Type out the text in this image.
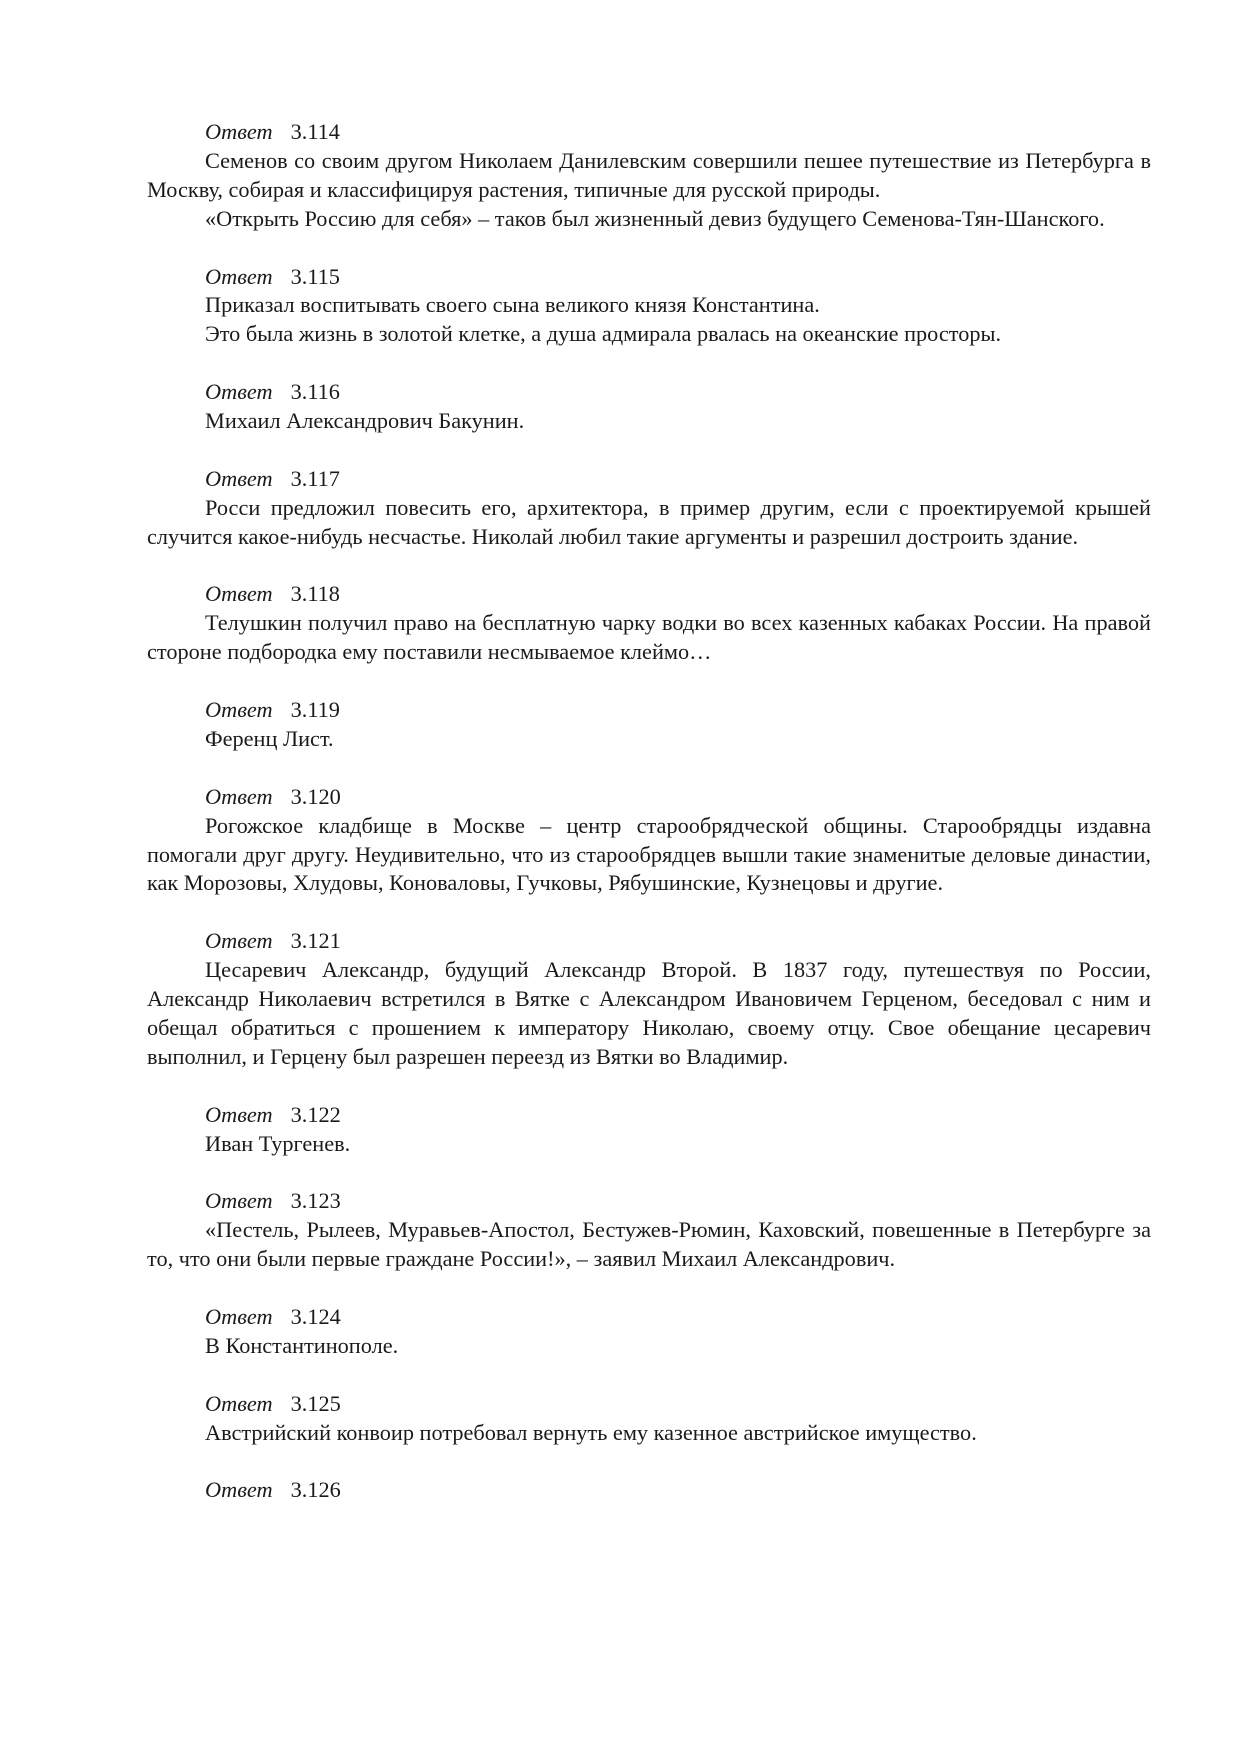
Ответ 3.114

Семенов со своим другом Николаем Данилевским совершили пешее путешествие из Петербурга в Москву, собирая и классифицируя растения, типичные для русской природы.

«Открыть Россию для себя» – таков был жизненный девиз будущего Семенова-Тян-Шанского.

Ответ 3.115

Приказал воспитывать своего сына великого князя Константина.

Это была жизнь в золотой клетке, а душа адмирала рвалась на океанские просторы.

Ответ 3.116

Михаил Александрович Бакунин.

Ответ 3.117

Росси предложил повесить его, архитектора, в пример другим, если с проектируемой крышей случится какое-нибудь несчастье. Николай любил такие аргументы и разрешил достроить здание.

Ответ 3.118

Телушкин получил право на бесплатную чарку водки во всех казенных кабаках России. На правой стороне подбородка ему поставили несмываемое клеймо…

Ответ 3.119

Ференц Лист.

Ответ 3.120

Рогожское кладбище в Москве – центр старообрядческой общины. Старообрядцы издавна помогали друг другу. Неудивительно, что из старообрядцев вышли такие знаменитые деловые династии, как Морозовы, Хлудовы, Коноваловы, Гучковы, Рябушинские, Кузнецовы и другие.

Ответ 3.121

Цесаревич Александр, будущий Александр Второй. В 1837 году, путешествуя по России, Александр Николаевич встретился в Вятке с Александром Ивановичем Герценом, беседовал с ним и обещал обратиться с прошением к императору Николаю, своему отцу. Свое обещание цесаревич выполнил, и Герцену был разрешен переезд из Вятки во Владимир.

Ответ 3.122

Иван Тургенев.

Ответ 3.123

«Пестель, Рылеев, Муравьев-Апостол, Бестужев-Рюмин, Каховский, повешенные в Петербурге за то, что они были первые граждане России!», – заявил Михаил Александрович.

Ответ 3.124

В Константинополе.

Ответ 3.125

Австрийский конвоир потребовал вернуть ему казенное австрийское имущество.

Ответ 3.126
